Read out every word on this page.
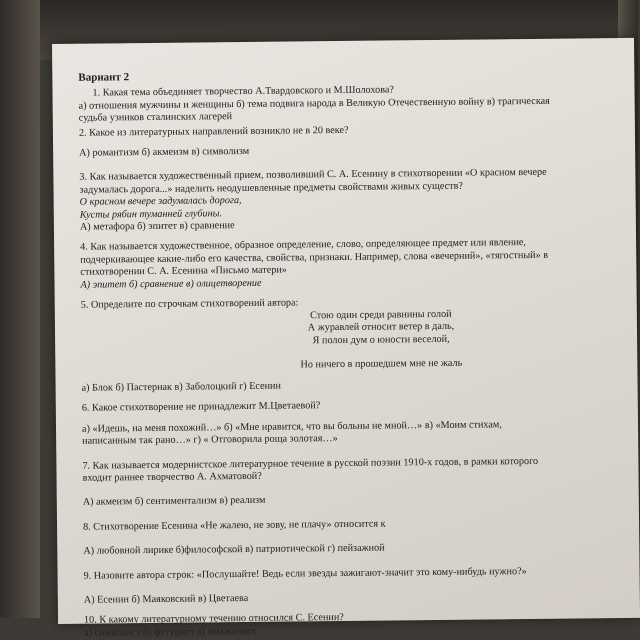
Вариант 2

1. Какая тема объединяет творчество А.Твардовского и М.Шолохова?

а) отношения мужчины и женщины б) тема подвига народа в Великую Отечественную войну в) трагическая

судьба узников сталинских лагерей

2. Какое из литературных направлений возникло не в 20 веке?

А) романтизм б) акмеизм в) символизм

3. Как называется художественный прием, позволивший С. А. Есенину в стихотворении «О красном вечере

задумалась дорога...» наделить неодушевленные предметы свойствами живых существ?

О красном вечере задумалась дорога,

Кусты рябин туманней глубины.

А) метафора б) эпитет в) сравнение

4. Как называется художественное, образное определение, слово, определяющее предмет или явление,

подчеркивающее какие-либо его качества, свойства, признаки. Например, слова «вечерний», «тягостный» в

стихотворении С. А. Есенина «Письмо матери»

А) эпитет б) сравнение в) олицетворение

5. Определите по строчкам стихотворений автора:

Стою один среди равнины голой

А журавлей относит ветер в даль,

Я полон дум о юности веселой,

Но ничего в прошедшем мне не жаль

а) Блок б) Пастернак в) Заболоцкий г) Есенин

6. Какое стихотворение не принадлежит М.Цветаевой?

а) «Идешь, на меня похожий…» б) «Мне нравится, что вы больны не мной…» в) «Моим стихам,

написанным так рано…» г) « Отговорила роща золотая…»

7. Как называется модернистское литературное течение в русской поэзии 1910-х годов, в рамки которого

входит раннее творчество А. Ахматовой?

А) акмеизм б) сентиментализм в) реализм

8. Стихотворение Есенина «Не жалею, не зову, не плачу» относится к

А) любовной лирике б)философской в) патриотической г) пейзажной

9. Назовите автора строк: «Послушайте! Ведь если звезды зажигают-значит это кому-нибудь нужно?»

А) Есенин б) Маяковский в) Цветаева

10. К какому литературному течению относился С. Есенин?

а) символист б) футурист в) имажинист
